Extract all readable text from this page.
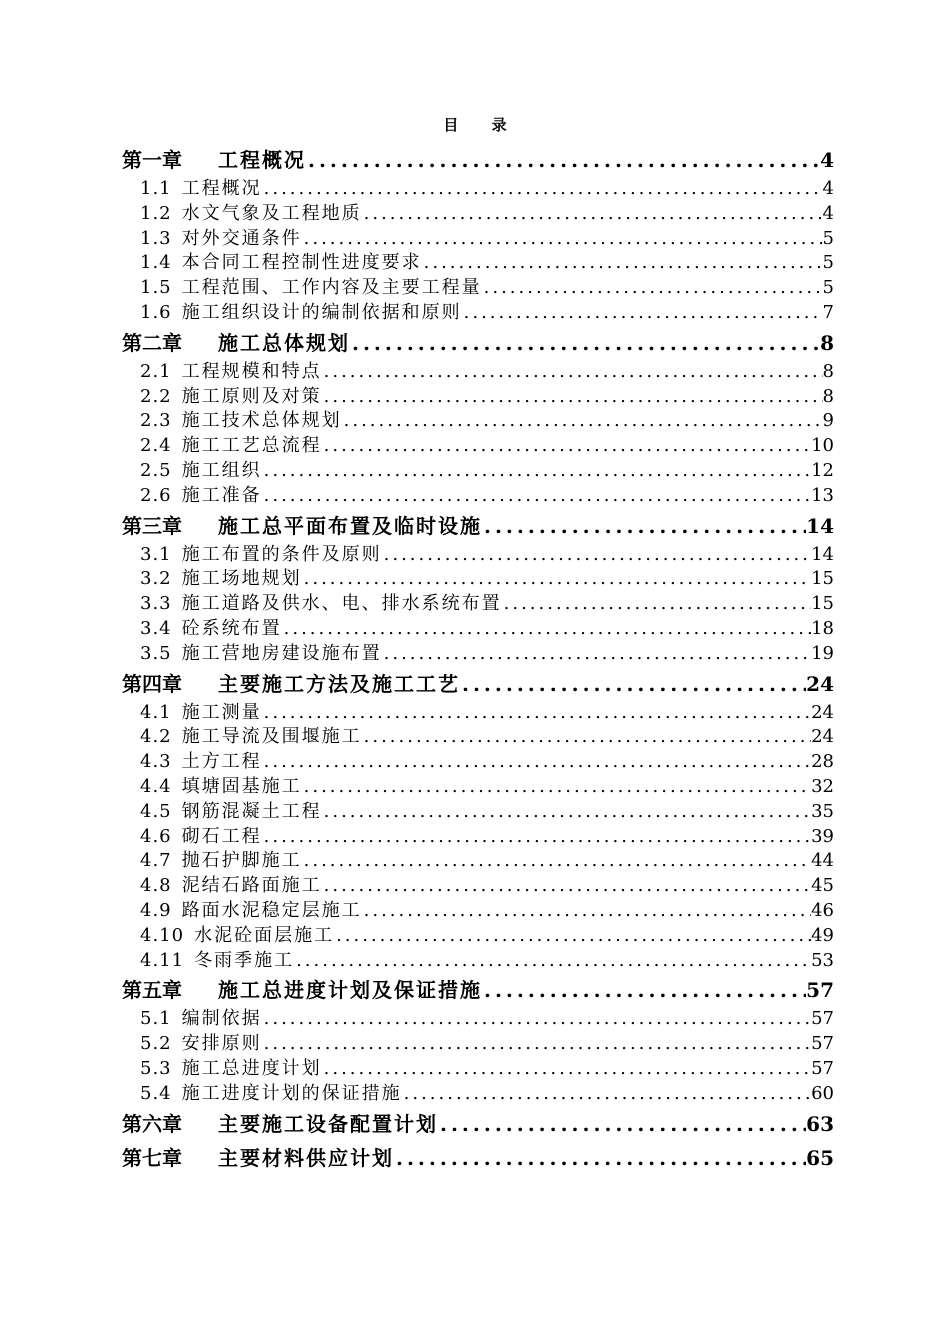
目 录
第一章 工程概况 .....	4
1.1 工程概况 .....	4
1.2 水文气象及工程地质 .....	4
1.3 对外交通条件 .....	5
1.4 本合同工程控制性进度要求 .....	5
1.5 工程范围、工作内容及主要工程量 .....	5
1.6 施工组织设计的编制依据和原则 .....	7
第二章 施工总体规划 .....	8
2.1 工程规模和特点 .....	8
2.2 施工原则及对策 .....	8
2.3 施工技术总体规划 .....	9
2.4 施工工艺总流程 .....	10
2.5 施工组织 .....	12
2.6 施工准备 .....	13
第三章 施工总平面布置及临时设施 .....	14
3.1 施工布置的条件及原则 .....	14
3.2 施工场地规划 .....	15
3.3 施工道路及供水、电、排水系统布置 .....	15
3.4 砼系统布置 .....	18
3.5 施工营地房建设施布置 .....	19
第四章 主要施工方法及施工工艺 .....	24
4.1 施工测量 .....	24
4.2 施工导流及围堰施工 .....	24
4.3 土方工程 .....	28
4.4 填塘固基施工 .....	32
4.5 钢筋混凝土工程 .....	35
4.6 砌石工程 .....	39
4.7 抛石护脚施工 .....	44
4.8 泥结石路面施工 .....	45
4.9 路面水泥稳定层施工 .....	46
4.10 水泥砼面层施工 .....	49
4.11 冬雨季施工 .....	53
第五章 施工总进度计划及保证措施 .....	57
5.1 编制依据 .....	57
5.2 安排原则 .....	57
5.3 施工总进度计划 .....	57
5.4 施工进度计划的保证措施 .....	60
第六章 主要施工设备配置计划 .....	63
第七章 主要材料供应计划 .....	65
